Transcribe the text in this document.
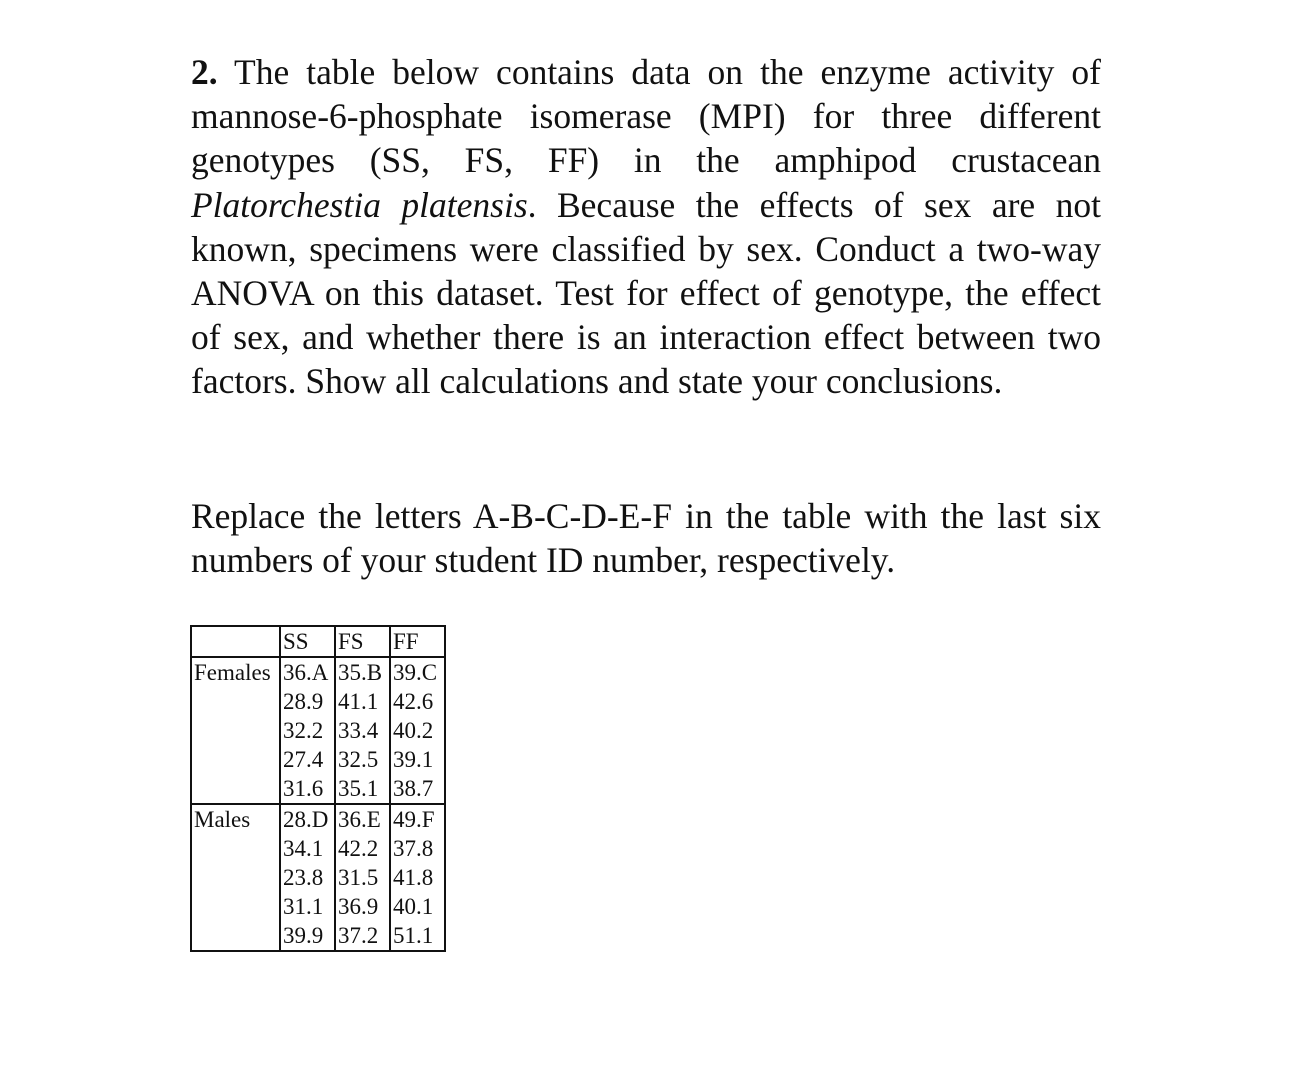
2. The table below contains data on the enzyme activity of mannose-6-phosphate isomerase (MPI) for three different genotypes (SS, FS, FF) in the amphipod crustacean Platorchestia platensis. Because the effects of sex are not known, specimens were classified by sex. Conduct a two-way ANOVA on this dataset. Test for effect of genotype, the effect of sex, and whether there is an interaction effect between two factors. Show all calculations and state your conclusions.

Replace the letters A-B-C-D-E-F in the table with the last six numbers of your student ID number, respectively.

	SS	FS	FF
Females	36.A	35.B	39.C
	28.9	41.1	42.6
	32.2	33.4	40.2
	27.4	32.5	39.1
	31.6	35.1	38.7
Males	28.D	36.E	49.F
	34.1	42.2	37.8
	23.8	31.5	41.8
	31.1	36.9	40.1
	39.9	37.2	51.1
